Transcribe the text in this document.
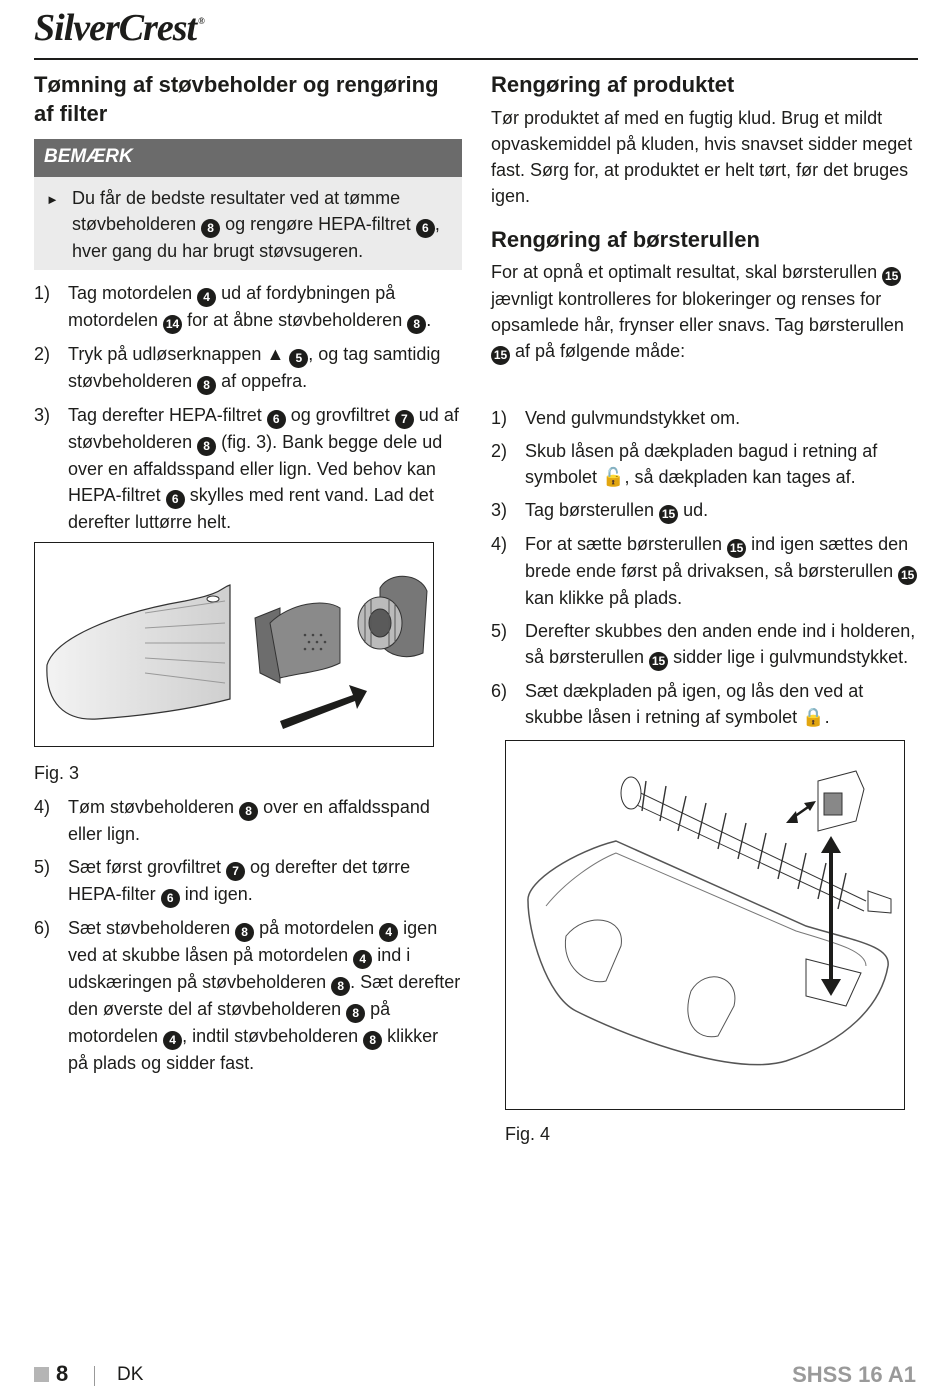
SilverCrest ®
Tømning af støvbeholder og rengøring af filter
BEMÆRK
► Du får de bedste resultater ved at tømme støvbeholderen 8 og rengøre HEPA-filtret 6 , hver gang du har brugt støvsugeren.
1) Tag motordelen 4 ud af fordybningen på motordelen 14 for at åbne støvbeholderen 8 .
2) Tryk på udløserknappen ▲ 5 , og tag samtidig støvbeholderen 8 af oppefra.
3) Tag derefter HEPA-filtret 6 og grovfiltret 7 ud af støvbeholderen 8 (fig. 3). Bank begge dele ud over en affaldsspand eller lign. Ved behov kan HEPA-filtret 6 skylles med rent vand. Lad det derefter luttørre helt.
Fig. 3
4) Tøm støvbeholderen 8 over en affaldsspand eller lign.
5) Sæt først grovfiltret 7 og derefter det tørre HEPA-filter 6 ind igen.
6) Sæt støvbeholderen 8 på motordelen 4 igen ved at skubbe låsen på motordelen 4 ind i udskæringen på støvbeholderen 8 . Sæt derefter den øverste del af støvbeholderen 8 på motordelen 4 , indtil støvbeholderen 8 klikker på plads og sidder fast.
Rengøring af produktet

Tør produktet af med en fugtig klud. Brug et mildt opvaskemiddel på kluden, hvis snavset sidder meget fast. Sørg for, at produktet er helt tørt, før det bruges igen.

Rengøring af børsterullen

For at opnå et optimalt resultat, skal børsterullen 15 jævnligt kontrolleres for blokeringer og renses for opsamlede hår, frynser eller snavs. Tag børsterullen 15 af på følgende måde:

1) Vend gulvmundstykket om.
2) Skub låsen på dækpladen bagud i retning af symbolet 🔓, så dækpladen kan tages af.
3) Tag børsterullen 15 ud.
4) For at sætte børsterullen 15 ind igen sættes den brede ende først på drivaksen, så børsterullen 15 kan klikke på plads.
5) Derefter skubbes den anden ende ind i holderen, så børsterullen 15 sidder lige i gulvmundstykket.
6) Sæt dækpladen på igen, og lås den ved at skubbe låsen i retning af symbolet 🔒.
Fig. 4
8	DK	SHSS 16 A1
